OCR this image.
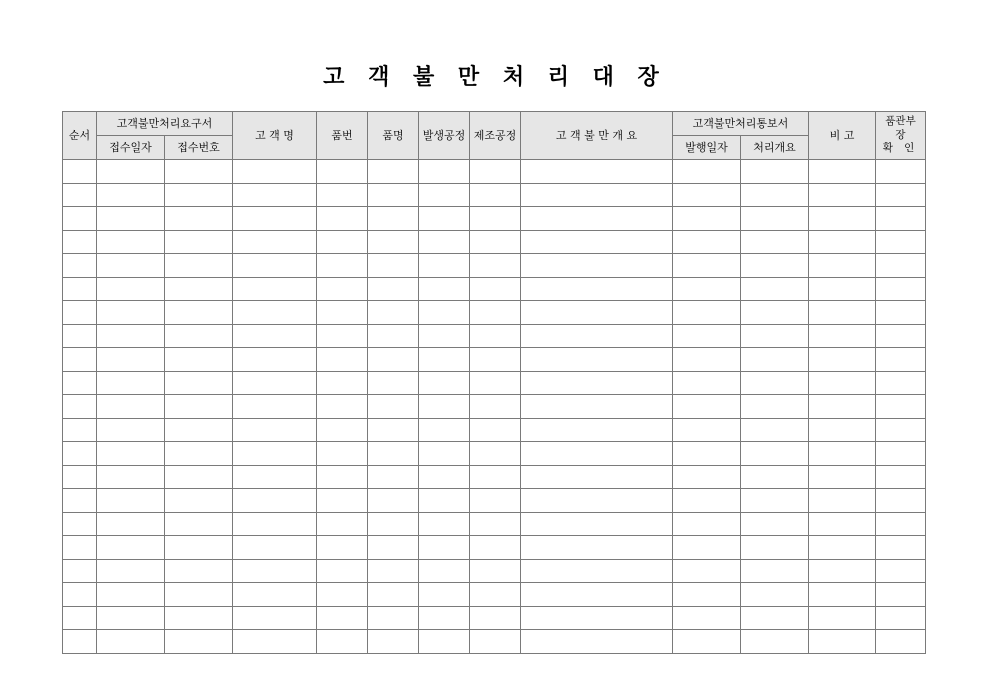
고 객 불 만 처 리 대 장
순서	고객불만처리요구서		고 객 명	품번	품명	발생공정	제조공정	고 객 불 만 개 요	고객불만처리통보서		비 고	품관부
장
확 인

	접수일자	접수번호							발행일자	처리개요		
